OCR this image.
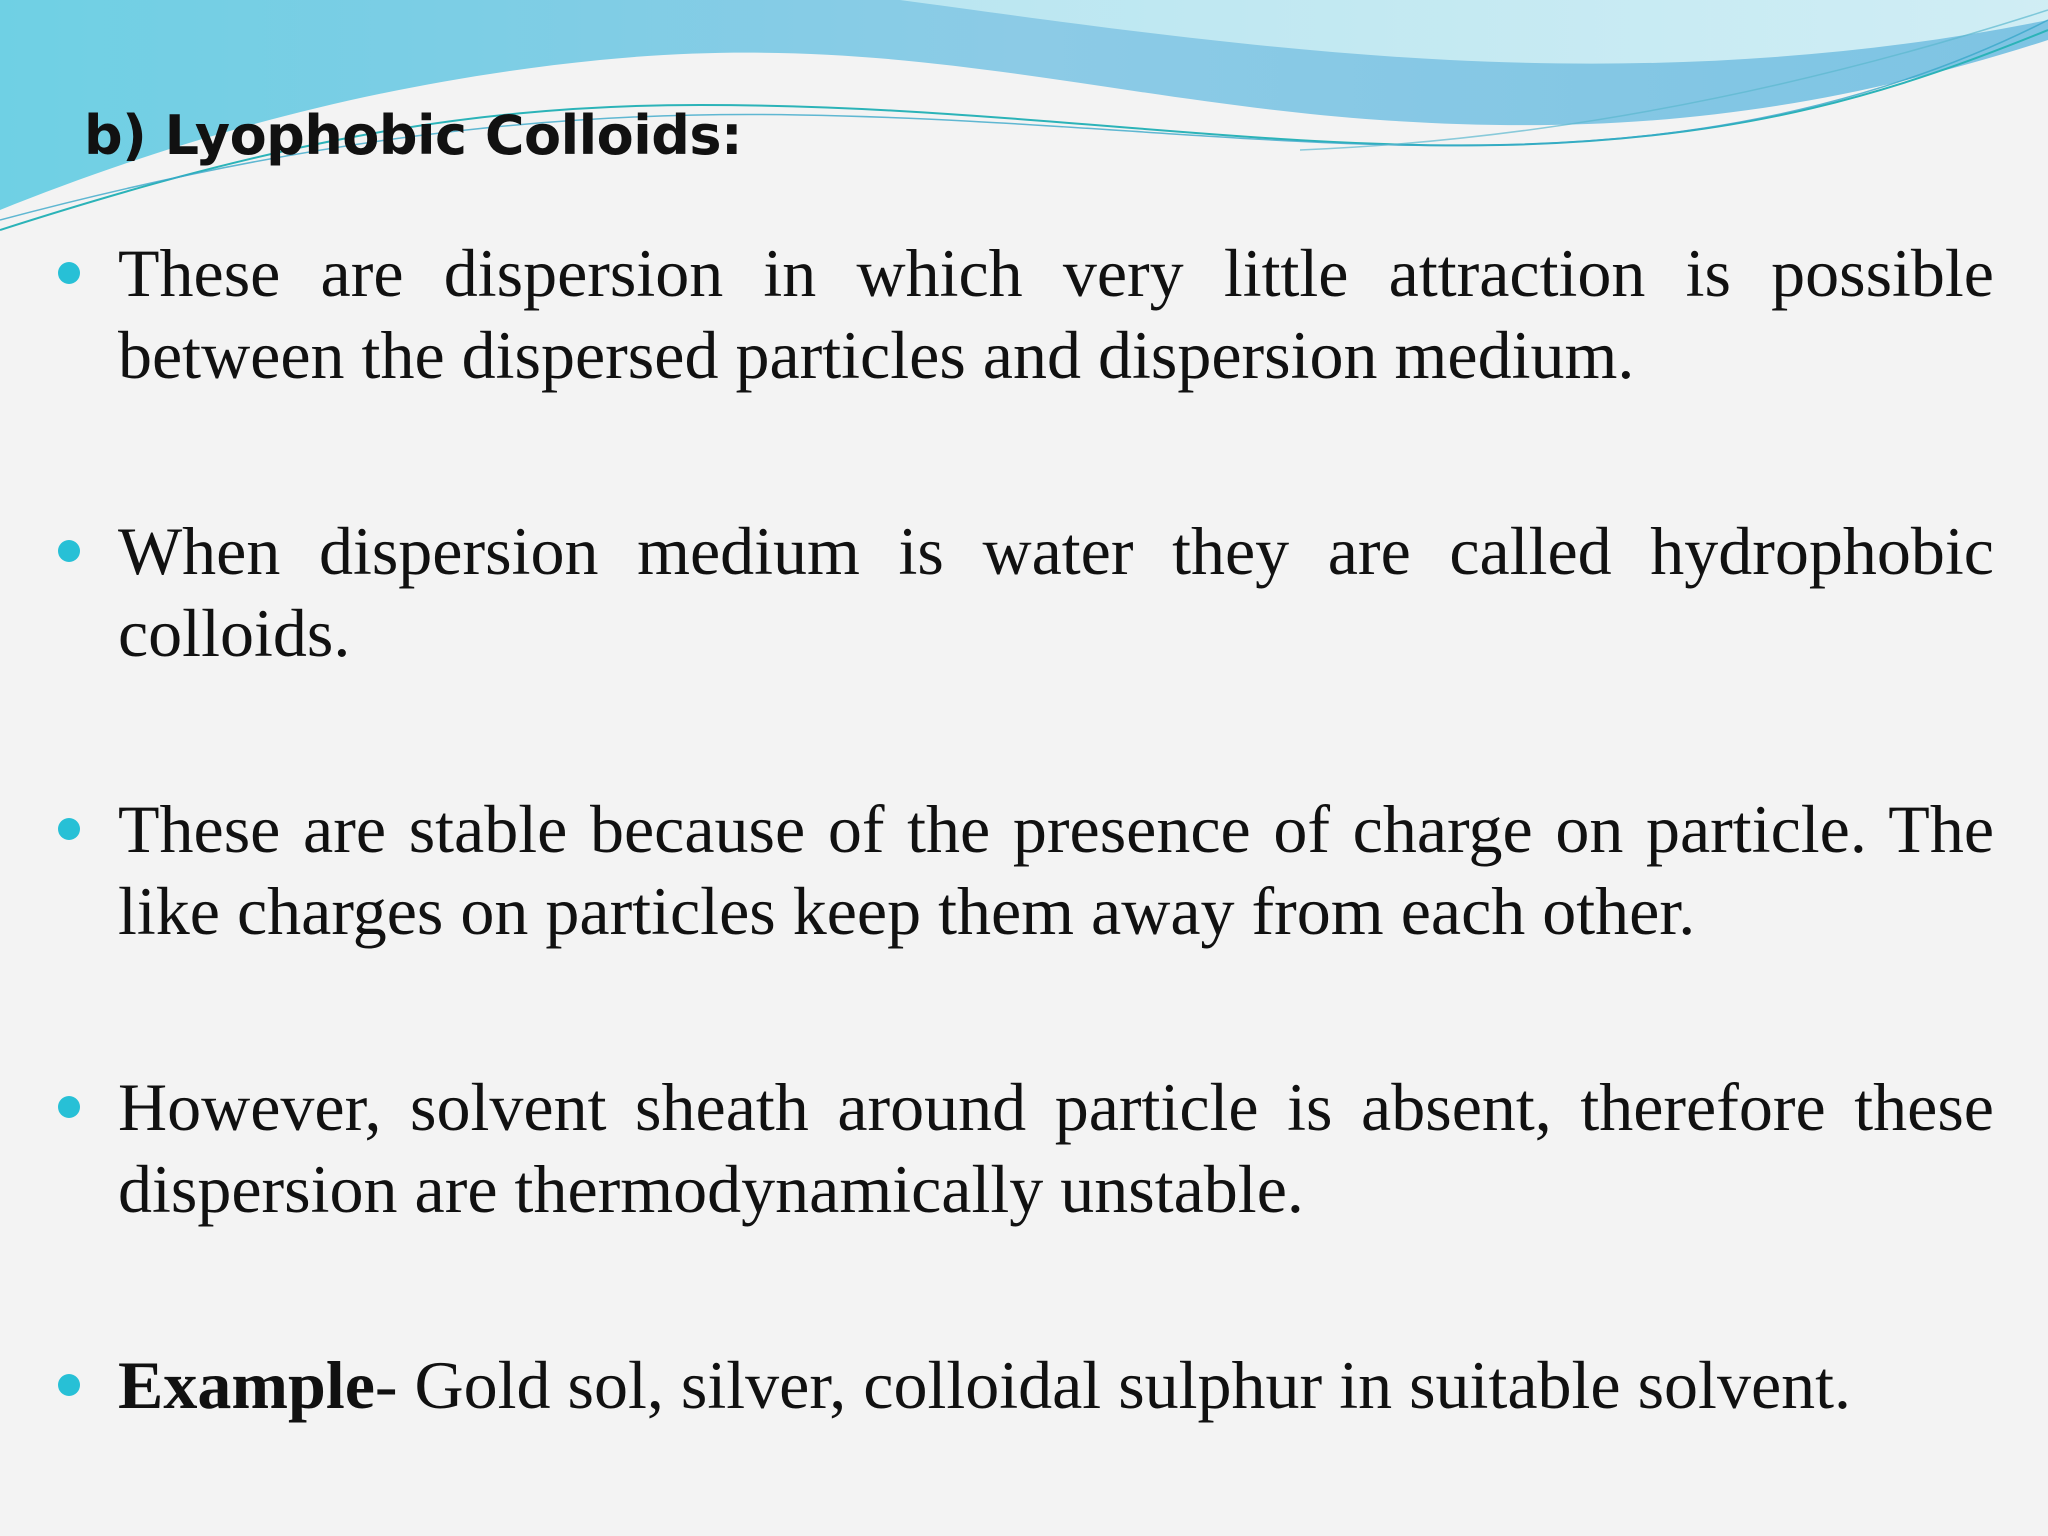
b) Lyophobic Colloids:

These are dispersion in which very little attraction is possible between the dispersed particles and dispersion medium.

When dispersion medium is water they are called hydrophobic colloids.

These are stable because of the presence of charge on particle. The like charges on particles keep them away from each other.

However, solvent sheath around particle is absent, therefore these dispersion are thermodynamically unstable.

Example- Gold sol, silver, colloidal sulphur in suitable solvent.
